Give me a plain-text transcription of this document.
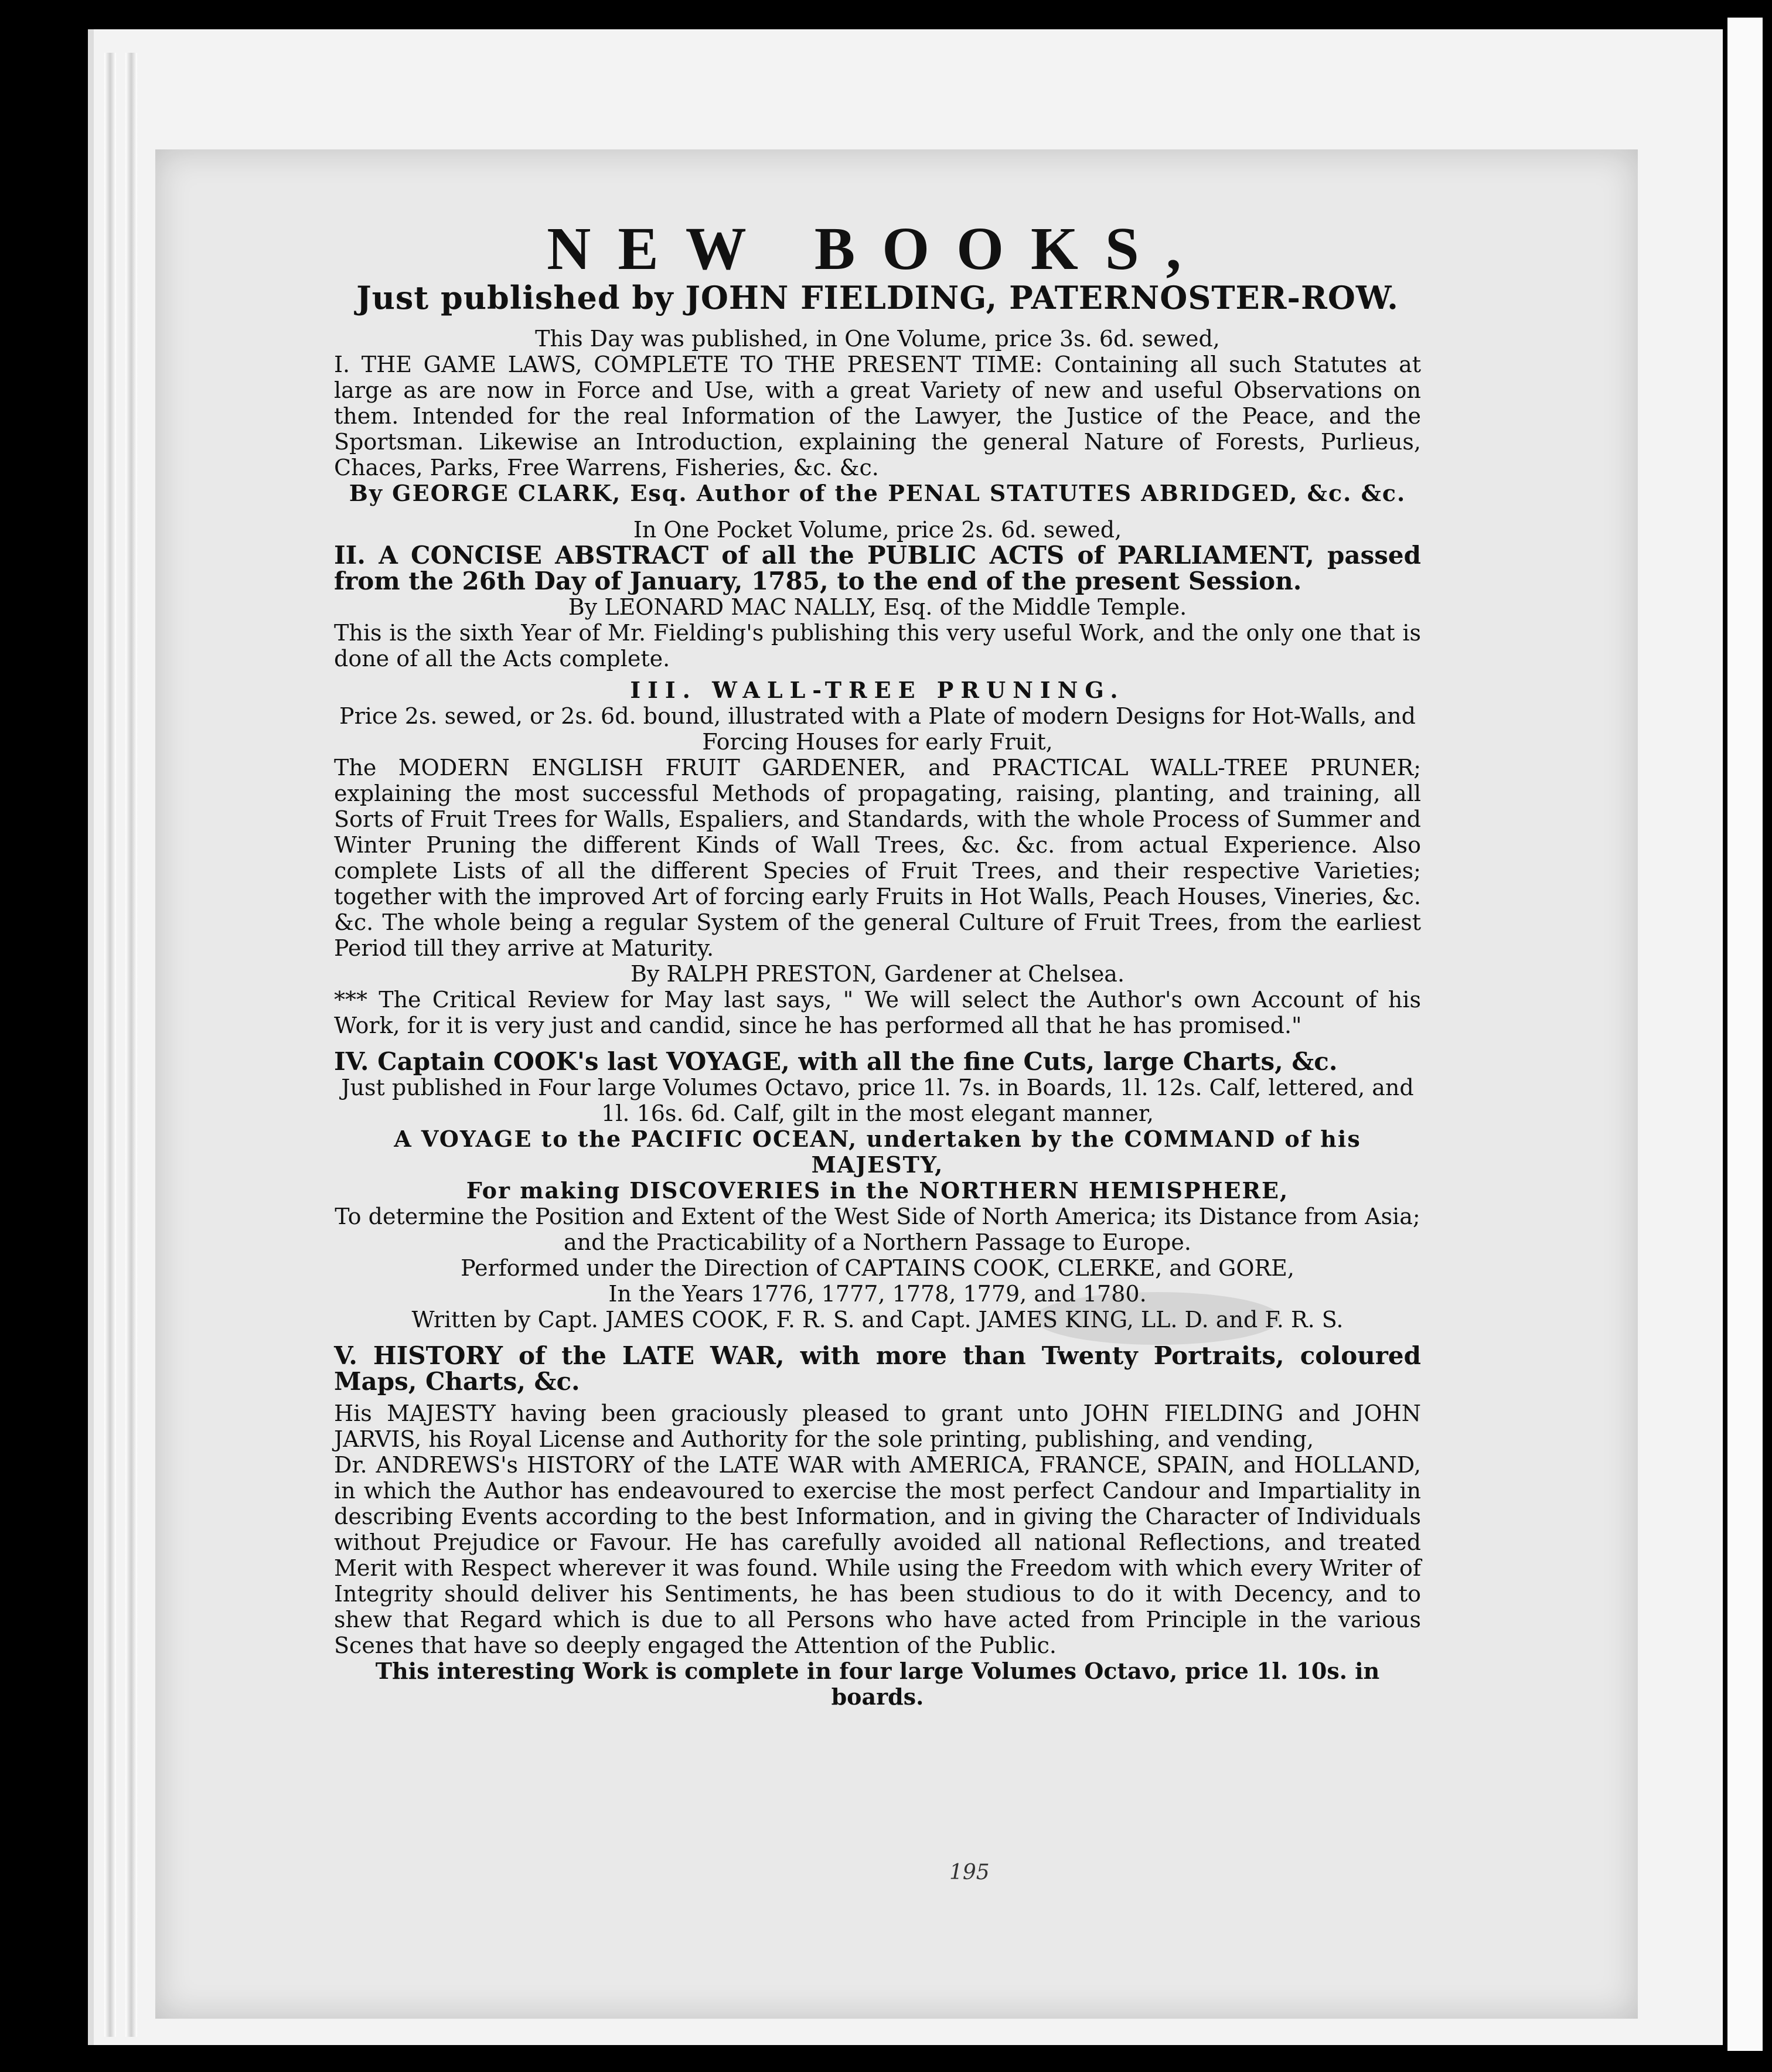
NEW BOOKS,
Just published by JOHN FIELDING, PATERNOSTER-ROW.

This Day was published, in One Volume, price 3s. 6d. sewed,

I. THE GAME LAWS, COMPLETE TO THE PRESENT TIME: Containing all such Statutes at large as are now in Force and Use, with a great Variety of new and useful Observations on them. Intended for the real Information of the Lawyer, the Justice of the Peace, and the Sportsman. Likewise an Introduction, explaining the general Nature of Forests, Purlieus, Chaces, Parks, Free Warrens, Fisheries, &c. &c.

By GEORGE CLARK, Esq. Author of the PENAL STATUTES ABRIDGED, &c. &c.

In One Pocket Volume, price 2s. 6d. sewed,

II. A CONCISE ABSTRACT of all the PUBLIC ACTS of PARLIAMENT, passed from the 26th Day of January, 1785, to the end of the present Session.

By LEONARD MAC NALLY, Esq. of the Middle Temple.

This is the sixth Year of Mr. Fielding's publishing this very useful Work, and the only one that is done of all the Acts complete.

III. WALL-TREE PRUNING.

Price 2s. sewed, or 2s. 6d. bound, illustrated with a Plate of modern Designs for Hot-Walls, and Forcing Houses for early Fruit,

The MODERN ENGLISH FRUIT GARDENER, and PRACTICAL WALL-TREE PRUNER; explaining the most successful Methods of propagating, raising, planting, and training, all Sorts of Fruit Trees for Walls, Espaliers, and Standards, with the whole Process of Summer and Winter Pruning the different Kinds of Wall Trees, &c. &c. from actual Experience. Also complete Lists of all the different Species of Fruit Trees, and their respective Varieties; together with the improved Art of forcing early Fruits in Hot Walls, Peach Houses, Vineries, &c. &c. The whole being a regular System of the general Culture of Fruit Trees, from the earliest Period till they arrive at Maturity.

By RALPH PRESTON, Gardener at Chelsea.

*** The Critical Review for May last says, " We will select the Author's own Account of his Work, for it is very just and candid, since he has performed all that he has promised."

IV. Captain COOK's last VOYAGE, with all the fine Cuts, large Charts, &c.

Just published in Four large Volumes Octavo, price 1l. 7s. in Boards, 1l. 12s. Calf, lettered, and 1l. 16s. 6d. Calf, gilt in the most elegant manner,

A VOYAGE to the PACIFIC OCEAN, undertaken by the COMMAND of his MAJESTY,

For making DISCOVERIES in the NORTHERN HEMISPHERE,

To determine the Position and Extent of the West Side of North America; its Distance from Asia; and the Practicability of a Northern Passage to Europe.

Performed under the Direction of CAPTAINS COOK, CLERKE, and GORE,

In the Years 1776, 1777, 1778, 1779, and 1780.

Written by Capt. JAMES COOK, F. R. S. and Capt. JAMES KING, LL. D. and F. R. S.

V. HISTORY of the LATE WAR, with more than Twenty Portraits, coloured Maps, Charts, &c.

His MAJESTY having been graciously pleased to grant unto JOHN FIELDING and JOHN JARVIS, his Royal License and Authority for the sole printing, publishing, and vending,

Dr. ANDREWS's HISTORY of the LATE WAR with AMERICA, FRANCE, SPAIN, and HOLLAND, in which the Author has endeavoured to exercise the most perfect Candour and Impartiality in describing Events according to the best Information, and in giving the Character of Individuals without Prejudice or Favour. He has carefully avoided all national Reflections, and treated Merit with Respect wherever it was found. While using the Freedom with which every Writer of Integrity should deliver his Sentiments, he has been studious to do it with Decency, and to shew that Regard which is due to all Persons who have acted from Principle in the various Scenes that have so deeply engaged the Attention of the Public.

This interesting Work is complete in four large Volumes Octavo, price 1l. 10s. in boards.

195
